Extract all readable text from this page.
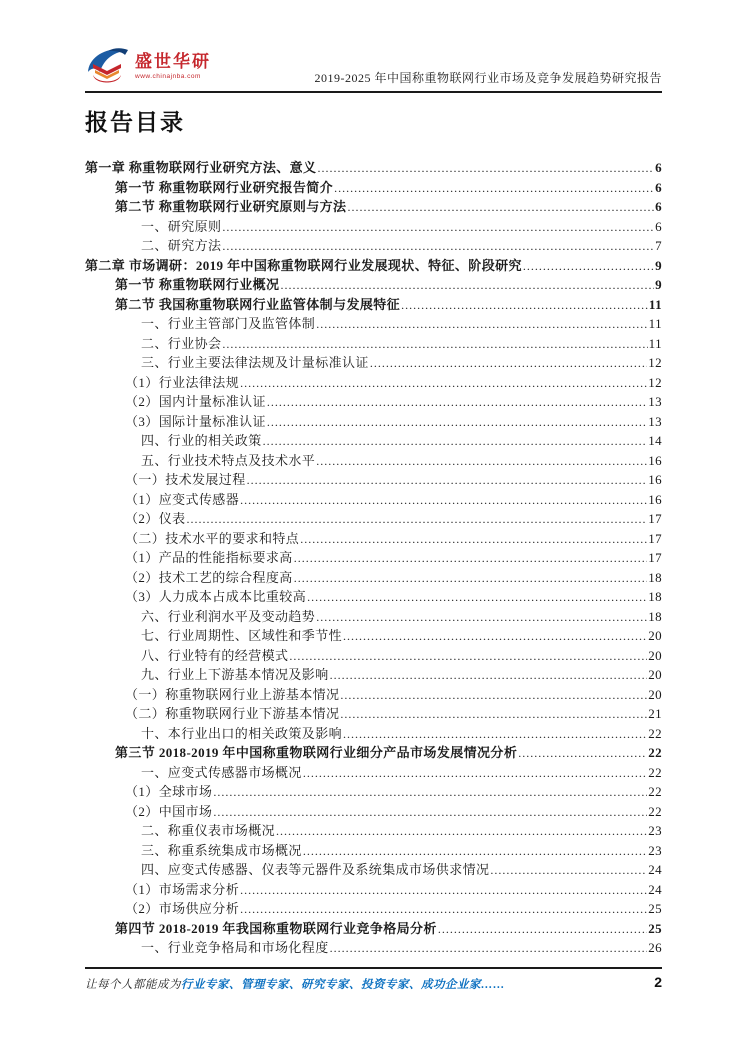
盛世华研
www.chinajnba.com	2019-2025 年中国称重物联网行业市场及竞争发展趋势研究报告
报告目录
第一章 称重物联网行业研究方法、意义 .....	6
第一节 称重物联网行业研究报告简介 .....	6
第二节 称重物联网行业研究原则与方法 .....	6
一、研究原则 .....	6
二、研究方法 .....	7
第二章 市场调研：2019 年中国称重物联网行业发展现状、特征、阶段研究 .....	9
第一节 称重物联网行业概况 .....	9
第二节 我国称重物联网行业监管体制与发展特征 .....	11
一、行业主管部门及监管体制 .....	11
二、行业协会 .....	11
三、行业主要法律法规及计量标准认证 .....	12
（1）行业法律法规 .....	12
（2）国内计量标准认证 .....	13
（3）国际计量标准认证 .....	13
四、行业的相关政策 .....	14
五、行业技术特点及技术水平 .....	16
（一）技术发展过程 .....	16
（1）应变式传感器 .....	16
（2）仪表 .....	17
（二）技术水平的要求和特点 .....	17
（1）产品的性能指标要求高 .....	17
（2）技术工艺的综合程度高 .....	18
（3）人力成本占成本比重较高 .....	18
六、行业利润水平及变动趋势 .....	18
七、行业周期性、区域性和季节性 .....	20
八、行业特有的经营模式 .....	20
九、行业上下游基本情况及影响 .....	20
（一）称重物联网行业上游基本情况 .....	20
（二）称重物联网行业下游基本情况 .....	21
十、本行业出口的相关政策及影响 .....	22
第三节 2018-2019 年中国称重物联网行业细分产品市场发展情况分析 .....	22
一、应变式传感器市场概况 .....	22
（1）全球市场 .....	22
（2）中国市场 .....	22
二、称重仪表市场概况 .....	23
三、称重系统集成市场概况 .....	23
四、应变式传感器、仪表等元器件及系统集成市场供求情况 .....	24
（1）市场需求分析 .....	24
（2）市场供应分析 .....	25
第四节 2018-2019 年我国称重物联网行业竞争格局分析 .....	25
一、行业竞争格局和市场化程度 .....	26
让每个人都能成为行业专家、管理专家、研究专家、投资专家、成功企业家……	2
